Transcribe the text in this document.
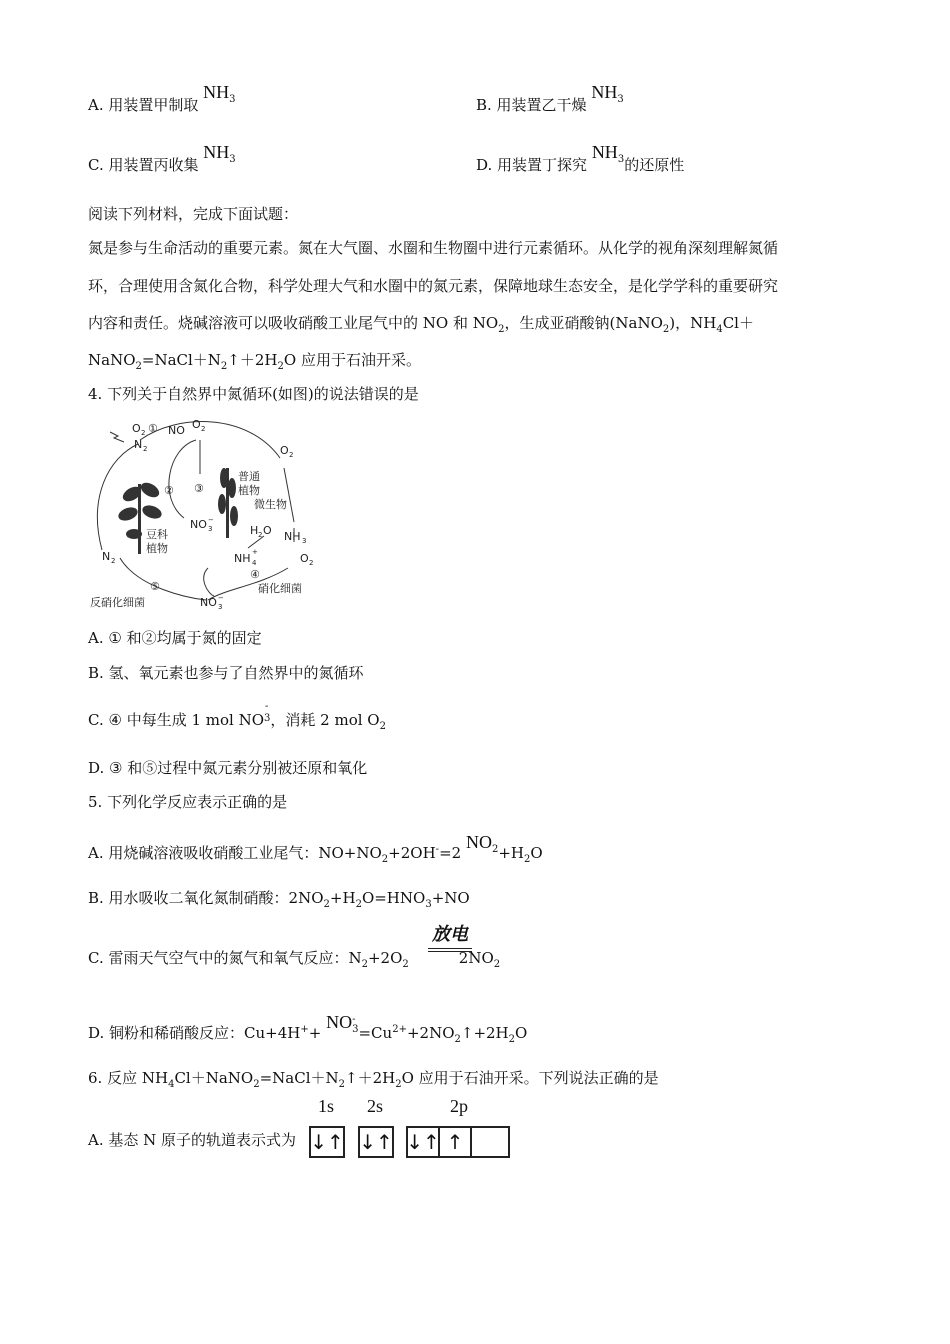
A. 用装置甲制取 $NH_3$	B. 用装置乙干燥 $NH_3$
C. 用装置丙收集 $NH_3$	D. 用装置丁探究 $NH_3$的还原性
阅读下列材料，完成下面试题：
氮是参与生命活动的重要元素。氮在大气圈、水圈和生物圈中进行元素循环。从化学的视角深刻理解氮循
环，合理使用含氮化合物，科学处理大气和水圈中的氮元素，保障地球生态安全，是化学学科的重要研究
内容和责任。烧碱溶液可以吸收硝酸工业尾气中的 NO 和 $NO_2$，生成亚硝酸钠(NaNO$_2$)，$NH_4Cl+$
$NaNO_2=NaCl+N_2↑+2H_2O$ 应用于石油开采。
4. 下列关于自然界中氮循环(如图)的说法错误的是
O 2 ① NO O 2
N 2
② ③
普通
植物
微生物
O 2
NO 3
−
豆科
植物
H 2 O NH 3
NH 4
+	O 2
N 2
④
⑤	硝化细菌
反硝化细菌	NO 3
−
A. ① 和②均属于氮的固定
B. 氢、氧元素也参与了自然界中的氮循环
C. ④ 中每生成 1 mol NO
-
3，消耗 2 mol $O_2$
D. ③ 和⑤过程中氮元素分别被还原和氧化
5. 下列化学反应表示正确的是
A. 用烧碱溶液吸收硝酸工业尾气：$NO+NO_2+2OH^-=2$ $NO_2+H_2O$
B. 用水吸收二氧化氮制硝酸：$2NO_2+H_2O=HNO_3+NO$
C. 雷雨天气空气中的氮气和氧气反应：$N_2+2O_2$	$2NO_2$
放电
D. 铜粉和稀硝酸反应：Cu+4H++ NO -
$3=Cu^{2+}+2NO_2↑+2H_2O$
6. 反应 $NH_4Cl+NaNO_2=NaCl+N_2↑+2H_2O$ 应用于石油开采。下列说法正确的是
1s 2s	2p
A. 基态 N 原子的轨道表示式为 ↓↑ ↓↑ ↓↑ ↑
